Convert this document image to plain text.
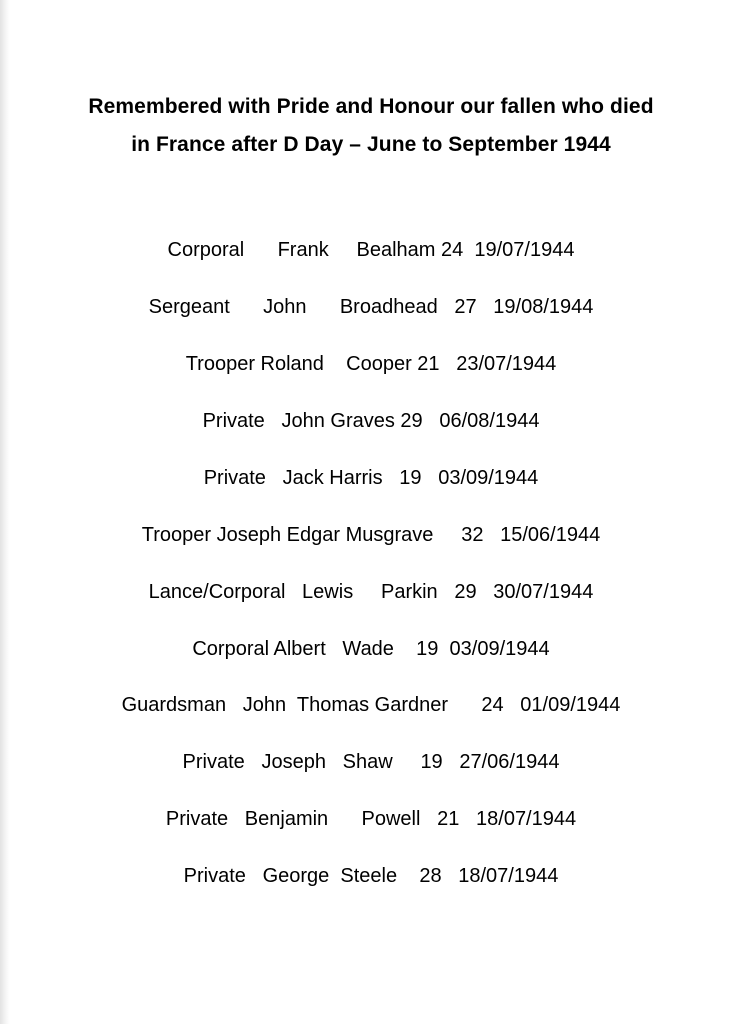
Remembered with Pride and Honour our fallen who died
in France after D Day – June to September 1944
Corporal      Frank     Bealham 24  19/07/1944
Sergeant      John      Broadhead   27   19/08/1944
Trooper Roland    Cooper 21   23/07/1944
Private   John Graves 29   06/08/1944
Private   Jack Harris   19   03/09/1944
Trooper Joseph Edgar Musgrave     32   15/06/1944
Lance/Corporal   Lewis     Parkin   29   30/07/1944
Corporal Albert   Wade    19  03/09/1944
Guardsman   John  Thomas Gardner      24   01/09/1944
Private   Joseph   Shaw     19   27/06/1944
Private   Benjamin      Powell   21   18/07/1944
Private   George  Steele    28   18/07/1944
